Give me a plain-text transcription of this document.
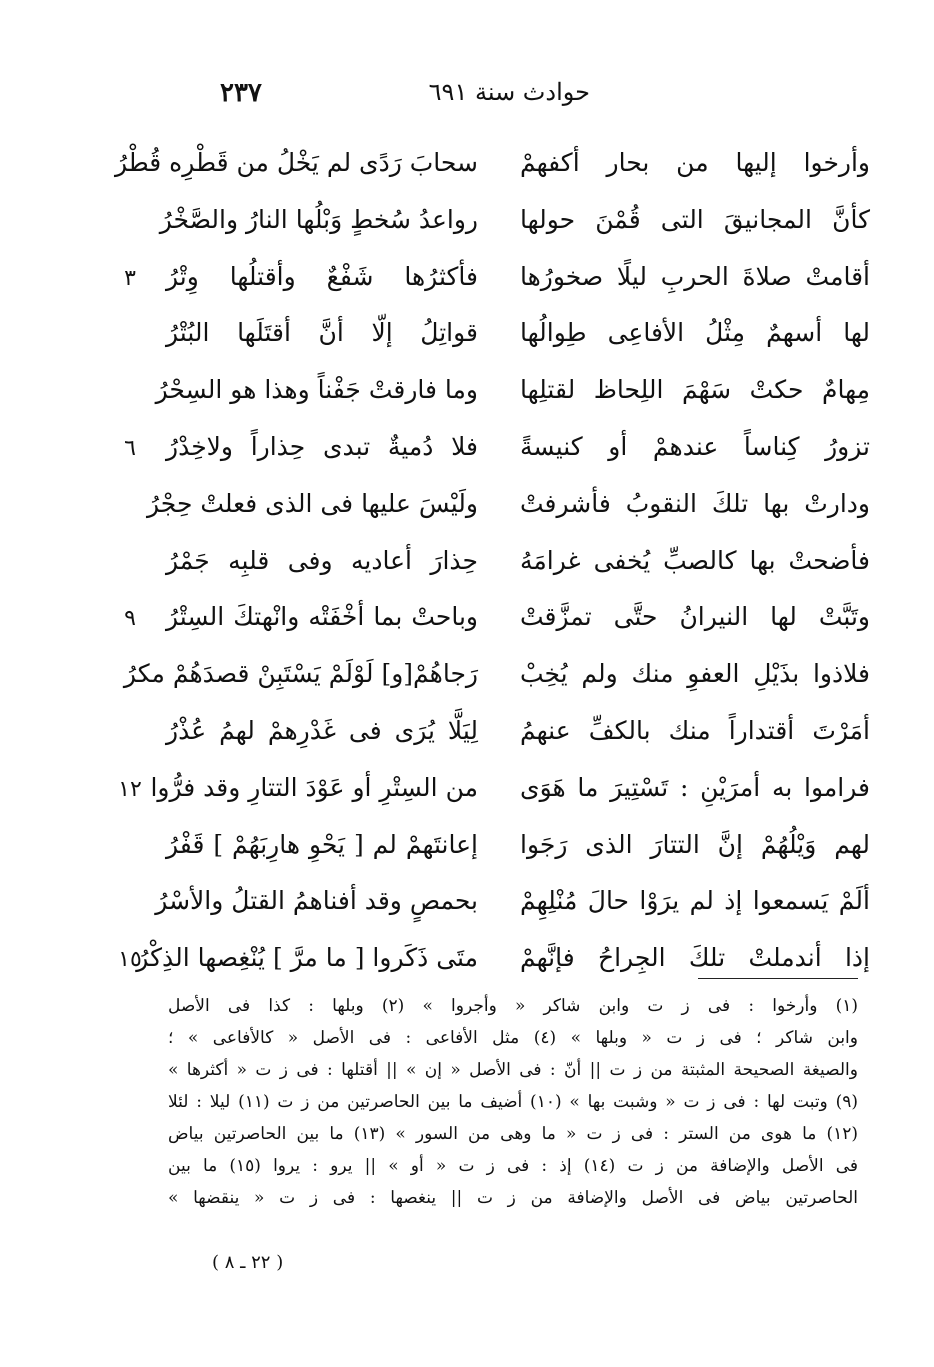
حوادث سنة ٦٩١
٢٣٧
وأرخوا إليها من بحار أكفهمْ
سحابَ رَدًى لم يَخْلُ من قَطْرِه قُطْرُ
كأنَّ المجانيقَ التى قُمْنَ حولها
رواعدُ سُخطٍ وَبْلُها النارُ والصَّخْرُ
أقامتْ صلاةَ الحربِ ليلًا صخورُها
فأكثرُها شَفْعٌ وأقتلُها وِتْرُ
٣
لها أسهمٌ مِثْلُ الأفاعِى طِوالُها
قواتِلُ إلّا أنَّ أقتَلَها البُتْرُ
مِهامٌ حكتْ سَهْمَ اللِحاظ لقتلِها
وما فارقتْ جَفْناً وهذا هو السِحْرُ
تزورُ كِناساً عندهمْ أو كنيسةً
فلا دُميةٌ تبدى حِذاراً ولاخِدْرُ
٦
ودارتْ بها تلكَ النقوبُ فأشرفتْ
ولَيْسَ عليها فى الذى فعلتْ حِجْرُ
فأضحتْ بها كالصبِّ يُخفى غرامَهُ
حِذارَ أعاديه وفى قلبِه جَمْرُ
وتَبَّتْ لها النيرانُ حتَّى تمزَّقتْ
وباحتْ بما أخْفَتْه وانْهتكَ السِتْرُ
٩
فلاذوا بذَيْلِ العفوِ منك ولم يُخِبْ
رَجاهُمْ[و] لَوْلَمْ يَسْتَبِنْ قصدَهُمْ مكرُ
أمَرْتَ أقتداراً منك بالكفِّ عنهمُ
لِيَلَّا يُرَى فى غَدْرِهمْ لهمُ عُذْرُ
فراموا به أمرَيْنِ : تَسْتِيرَ ما هَوَى
من السِتْرِ أو عَوْدَ التتارِ وقد فرُّوا
١٢
لهم وَيْلُهُمْ إنَّ التتارَ الذى رَجَوا
إعانتَهمْ لم [ يَحْوِ هارِبَهُمْ ] قَفْرُ
ألَمْ يَسمعوا إذ لم يرَوْا حالَ مُنْلِهِمْ
بحمصٍ وقد أفناهمُ القتلُ والأسْرُ
إذا أندملتْ تلكَ الجِراحُ فإنَّهمْ
متَى ذَكَروا [ ما مرَّ ] يُنْغِصها الذِكْرُ
١٥
(١) وأرخوا : فى ز ت وابن شاكر « وأجروا » (٢) وبلها : كذا فى الأصل
وابن شاكر ؛ فى ز ت « وبلها » (٤) مثل الأفاعى : فى الأصل « كالأفاعى » ؛
والصيغة الصحيحة المثبتة من ز ت || أنّ : فى الأصل « إن » || أقتلها : فى ز ت « أكثرها »
(٩) وتبت لها : فى ز ت « وشبت بها » (١٠) أضيف ما بين الحاصرتين من ز ت (١١) ليلا : لئلا
(١٢) ما هوى من الستر : فى ز ت « ما وهى من السور » (١٣) ما بين الحاصرتين بياض
فى الأصل والإضافة من ز ت (١٤) إذ : فى ز ت « أو » || يرو : يروا (١٥) ما بين
الحاصرتين بياض فى الأصل والإضافة من ز ت || ينغصها : فى ز ت « ينقضها »
( ٢٢ ـ ٨ )
